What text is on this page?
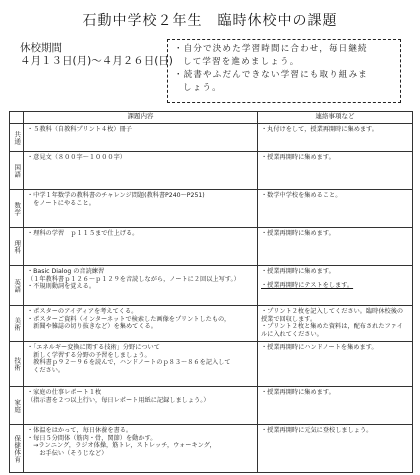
石動中学校２年生　臨時休校中の課題
休校期間
４月１３日(月)～４月２６日(日)
・自分で決めた学習時間に合わせ，毎日継続
して学習を進めましょう。
・読書やふだんできない学習にも取り組みま
しょう。
	課題内容	連絡事項など
共通	・５教科（自教科プリント４枚）冊子	・丸付けをして，授業再開時に集めます。

国語	・意見文（８００字～１０００字）	・授業再開時に集めます。

数学	・中学１年数学の教科書のチャレンジ問題(教科書P240～P251)
　をノートにやること。	・数学中学校を集めること。

理科	・理科の学習　ｐ１１５まで仕上げる。	・授業再開時に集めます。

英語	・Basic Dialog の音読練習
（１年教科書ｐ１２６～ｐ１２９を音読しながら，ノートに２回以上写す。）
・不規則動詞を覚える。	・授業再開時に集めます。
・授業再開時にテストをします。

美術	・ポスターのアイディアを考えてくる。
・ポスターご資料（インターネットで検索した画像をプリントしたもの，
　新聞や雑誌の切り抜きなど）を集めてくる。	・プリント２枚を記入してください。臨時休校後の授業で回収します。
・プリント２枚と集めた資料は，配布されたファイルに入れてください。

技術	・「エネルギー変換に関する技術」分野について
　新しく学習する分野の予習をしましょう。
　教科書ｐ９２～９６を読んで，ハンドノートのｐ８３～８６を記入して
　ください。	・授業再開時にハンドノートを集めます。

家庭	・家庭の仕事レポート１枚
（指示書を２つ以上行い，毎日レポート用紙に記録しましょう。）	・授業再開時に集めます。

保健体育	・体温をはかって，毎日休養を書る。
・毎日５分間体（筋肉・骨，関節）を動かす。
　→ランニング，ラジオ体操，筋トレ，ストレッチ，ウォーキング，
　　お手伝い（そうじなど）	・授業再開時に元気に登校しましょう。
